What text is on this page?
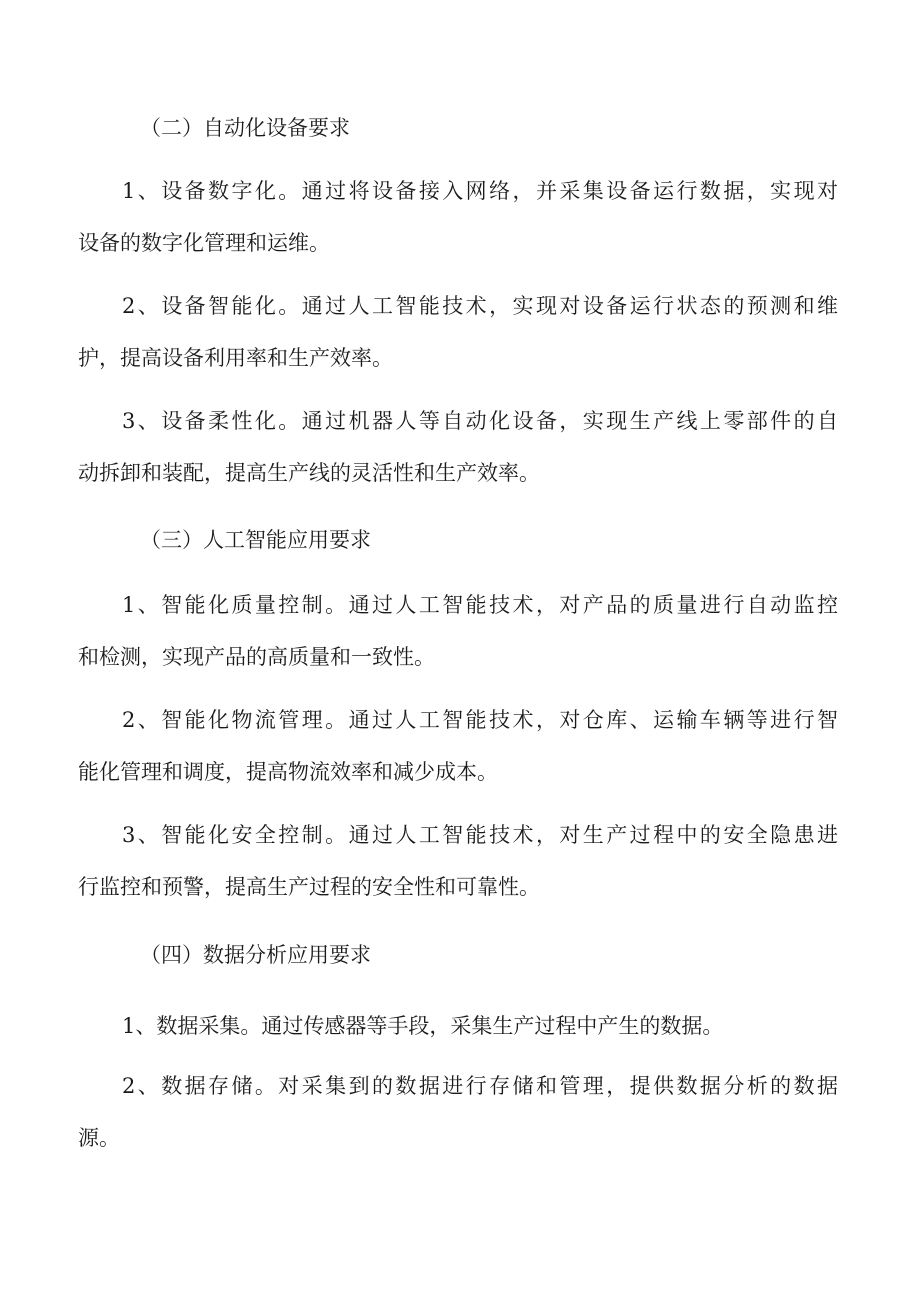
（二）自动化设备要求
1、设备数字化。通过将设备接入网络，并采集设备运行数据，实现对
设备的数字化管理和运维。
2、设备智能化。通过人工智能技术，实现对设备运行状态的预测和维
护，提高设备利用率和生产效率。
3、设备柔性化。通过机器人等自动化设备，实现生产线上零部件的自
动拆卸和装配，提高生产线的灵活性和生产效率。
（三）人工智能应用要求
1、智能化质量控制。通过人工智能技术，对产品的质量进行自动监控
和检测，实现产品的高质量和一致性。
2、智能化物流管理。通过人工智能技术，对仓库、运输车辆等进行智
能化管理和调度，提高物流效率和减少成本。
3、智能化安全控制。通过人工智能技术，对生产过程中的安全隐患进
行监控和预警，提高生产过程的安全性和可靠性。
（四）数据分析应用要求
1、数据采集。通过传感器等手段，采集生产过程中产生的数据。
2、数据存储。对采集到的数据进行存储和管理，提供数据分析的数据
源。
